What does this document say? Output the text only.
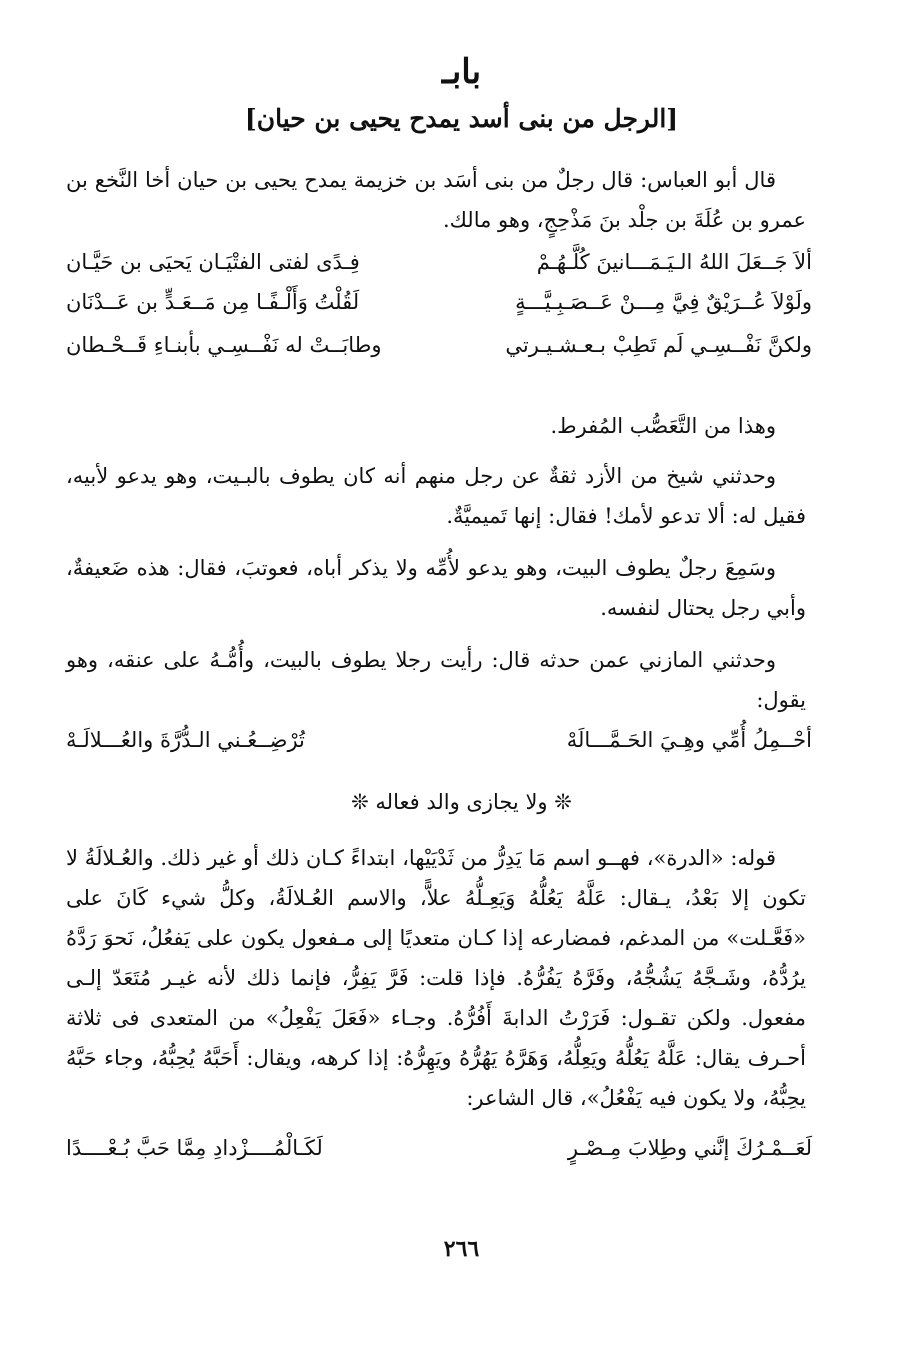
بابـ
[الرجل من بنى أسد يمدح يحيى بن حيان]

قال أبو العباس: قال رجلٌ من بنى أسَد بن خزيمة يمدح يحيى بن حيان أخا النَّخع بن عمرو بن عُلَةَ بن جلْد بنَ مَذْحِجٍ، وهو مالك.

ألاَ جَــعَلَ اللهُ الـيَـمَـــانينَ كُلَّـهُـمْ
فِـدًى لفتى الفتْيَـان يَحيَى بن حَيَّـان
ولَوْلاَ عُــرَيْقٌ فِيَّ مِـــنْ عَــصَـبِـيَّـــةٍ
لَقُلْتُ وَأَلْـفًـا مِن مَــعَـدٍّ بن عَــدْنَان
ولكنَّ نَفْــسِـي لَم تَطِبْ بـعـشـيـرتي
وطابَــتْ له نَفْــسِـي بأبنـاءِ قَــحْـطان

وهذا من التَّعَصُّب المُفرط.

وحدثني شيخ من الأزد ثقةٌ عن رجل منهم أنه كان يطوف بالبـيت، وهو يدعو لأبيه، فقيل له: ألا تدعو لأمك! فقال: إنها تَميميَّةٌ.

وسَمِعَ رجلٌ يطوف البيت، وهو يدعو لأُمِّه ولا يذكر أباه، فعوتبَ، فقال: هذه ضَعيفةٌ، وأبي رجل يحتال لنفسه.

وحدثني المازني عمن حدثه قال: رأيت رجلا يطوف بالبيت، وأُمُّـهُ على عنقه، وهو يقول:

أحْــمِلُ أُمِّي وهِـيَ الحَـمَّـــالَهْ
تُرْضِــعُـني الـدُّرَّةَ والعُـــلالَـهْ
❊ ولا يجازى والد فعاله ❊

قوله: «الدرة»، فهــو اسم مَا يَدِرُّ من ثَدْيَيْها، ابتداءً كـان ذلك أو غير ذلك. والعُـلالَةُ لا تكون إلا بَعْدُ، يـقال: عَلَّهُ يَعُلُّهُ وَيَعِـلُّهُ علاًّ، والاسم العُـلالَةُ، وكلُّ شيء كَانَ على «فَعَّـلت» من المدغم، فمضارعه إذا كـان متعديًا إلى مـفعول يكون على يَفعُلُ، نَحوَ رَدَّهُ يرُدُّهُ، وشَـجَّهُ يَشُجُّهُ، وفَرَّهُ يَفُرُّهُ. فإذا قلت: فَرَّ يَفِرُّ، فإنما ذلك لأنه غيـر مُتَعَدّ إلـى مفعول. ولكن تقـول: فَرَرْتُ الدابةَ أَفُرُّهُ. وجـاء «فَعَلَ يَفْعِلُ» من المتعدى فى ثلاثة أحـرف يقال: عَلَّهُ يَعُلُّهُ ويَعِلُّهُ، وَهَرَّهُ يَهُرُّهُ ويَهِرُّهُ: إذا كرهه، ويقال: أَحَبَّهُ يُحِبُّهُ، وجاء حَبَّهُ يحِبُّهُ، ولا يكون فيه يَفْعُلُ»، قال الشاعر:

لَعَــمْـرُكَ إنَّني وطِلابَ مِـصْـرٍ
لَكَـالْمُــــزْدادِ مِمَّا حَبَّ بُـعْــــدًا
٢٦٦
